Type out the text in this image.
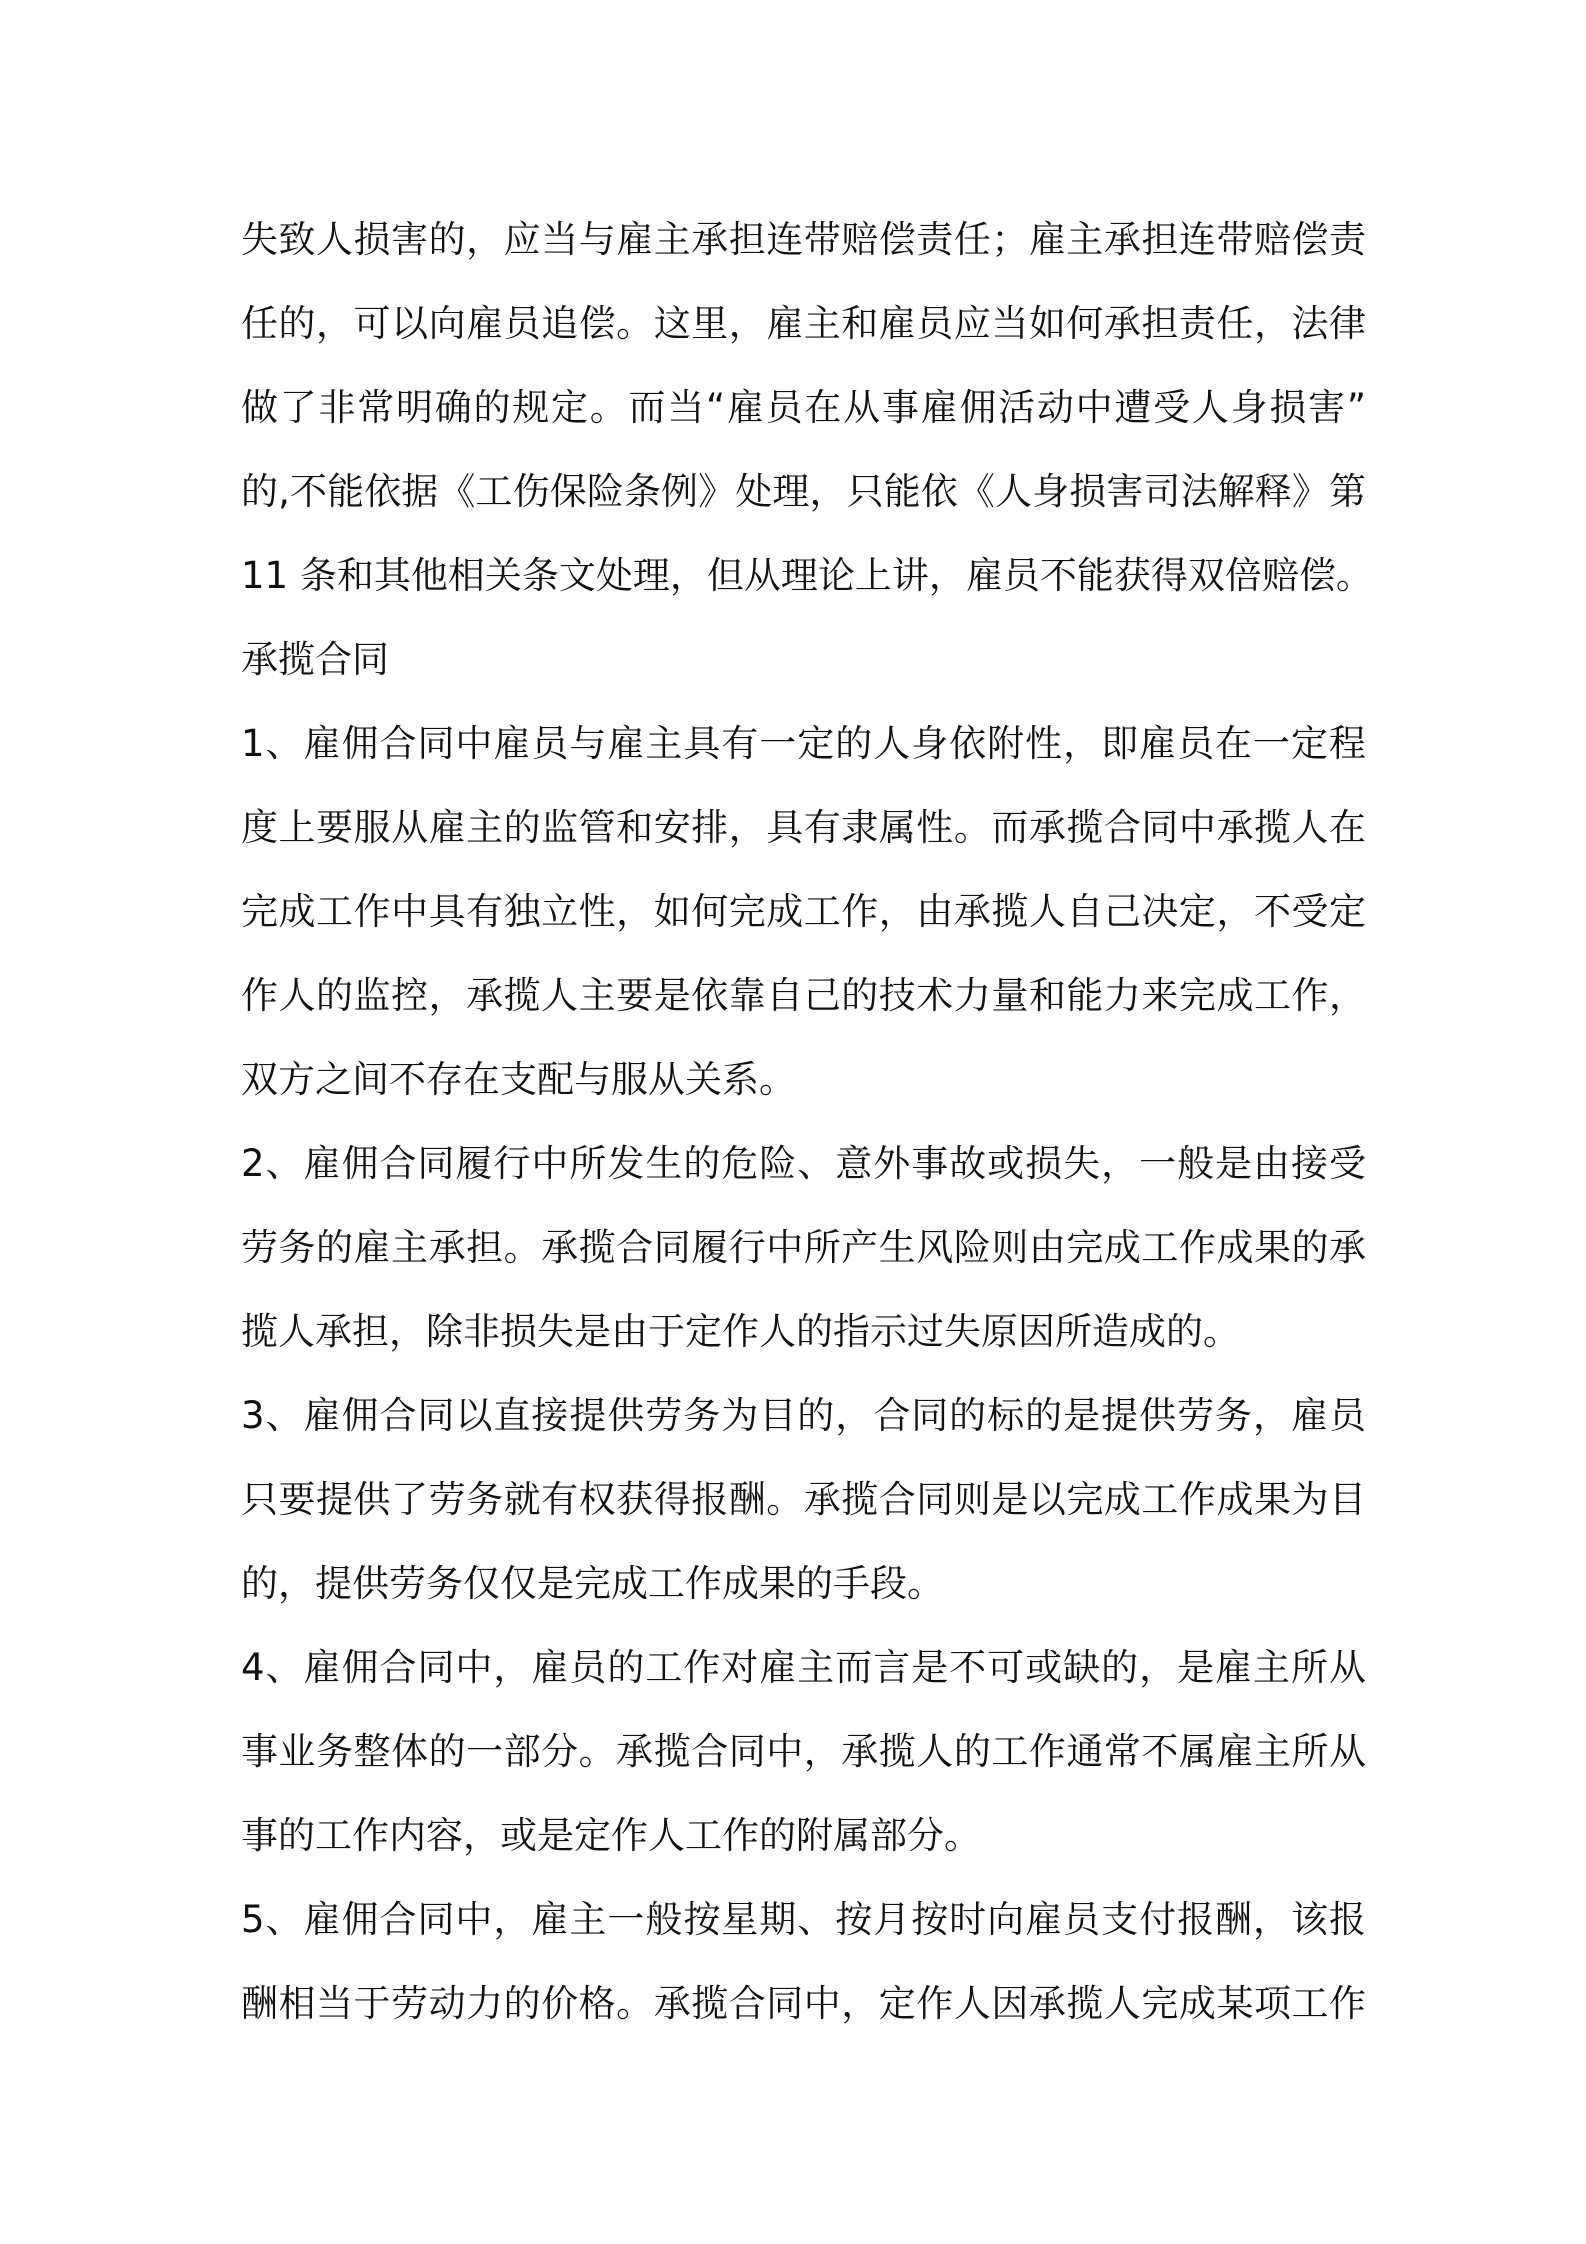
失致人损害的，应当与雇主承担连带赔偿责任；雇主承担连带赔偿责
任的，可以向雇员追偿。这里，雇主和雇员应当如何承担责任，法律
做了非常明确的规定。而当“雇员在从事雇佣活动中遭受人身损害”
的,不能依据《工伤保险条例》处理，只能依《人身损害司法解释》第
11 条和其他相关条文处理，但从理论上讲，雇员不能获得双倍赔偿。
承揽合同
1、雇佣合同中雇员与雇主具有一定的人身依附性，即雇员在一定程
度上要服从雇主的监管和安排，具有隶属性。而承揽合同中承揽人在
完成工作中具有独立性，如何完成工作，由承揽人自己决定，不受定
作人的监控，承揽人主要是依靠自己的技术力量和能力来完成工作，
双方之间不存在支配与服从关系。
2、雇佣合同履行中所发生的危险、意外事故或损失，一般是由接受
劳务的雇主承担。承揽合同履行中所产生风险则由完成工作成果的承
揽人承担，除非损失是由于定作人的指示过失原因所造成的。
3、雇佣合同以直接提供劳务为目的，合同的标的是提供劳务，雇员
只要提供了劳务就有权获得报酬。承揽合同则是以完成工作成果为目
的，提供劳务仅仅是完成工作成果的手段。
4、雇佣合同中，雇员的工作对雇主而言是不可或缺的，是雇主所从
事业务整体的一部分。承揽合同中，承揽人的工作通常不属雇主所从
事的工作内容，或是定作人工作的附属部分。
5、雇佣合同中，雇主一般按星期、按月按时向雇员支付报酬，该报
酬相当于劳动力的价格。承揽合同中，定作人因承揽人完成某项工作
